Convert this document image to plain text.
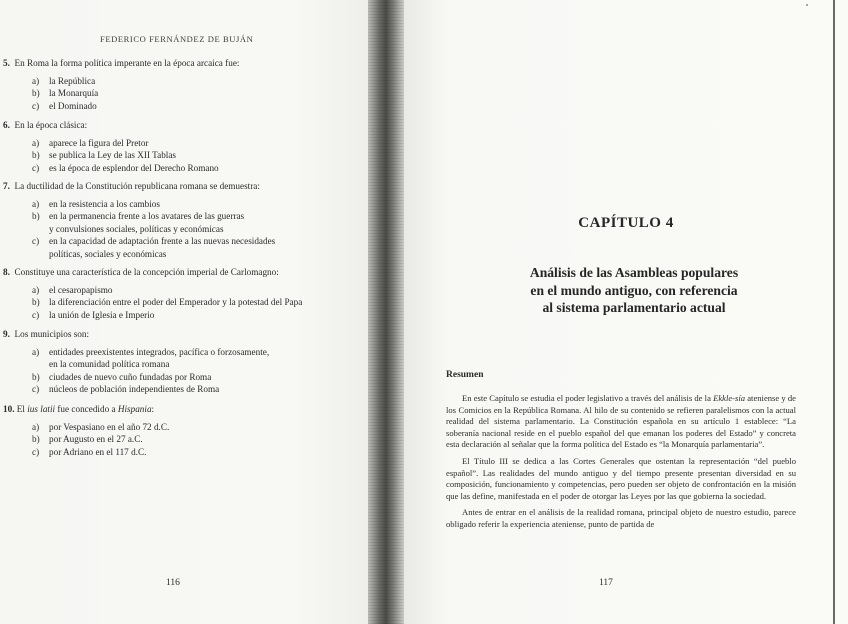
FEDERICO FERNÁNDEZ DE BUJÁN
5. En Roma la forma política imperante en la época arcaica fue:
a)	la República
b)	la Monarquía
c)	el Dominado
6. En la época clásica:
a)	aparece la figura del Pretor
b)	se publica la Ley de las XII Tablas
c)	es la época de esplendor del Derecho Romano
7. La ductilidad de la Constitución republicana romana se demuestra:
a)	en la resistencia a los cambios
b)	en la permanencia frente a los avatares de las guerras
y convulsiones sociales, políticas y económicas
c)	en la capacidad de adaptación frente a las nuevas necesidades
políticas, sociales y económicas
8. Constituye una característica de la concepción imperial de Carlomagno:
a)	el cesaropapismo
b)	la diferenciación entre el poder del Emperador y la potestad del Papa
c)	la unión de Iglesia e Imperio
9. Los municipios son:
a)	entidades preexistentes integrados, pacífica o forzosamente,
en la comunidad política romana
b)	ciudades de nuevo cuño fundadas por Roma
c)	núcleos de población independientes de Roma
10. El ius latii fue concedido a Hispania:
a)	por Vespasiano en el año 72 d.C.
b)	por Augusto en el 27 a.C.
c)	por Adriano en el 117 d.C.
116
CAPÍTULO 4
Análisis de las Asambleas populares
en el mundo antiguo, con referencia
al sistema parlamentario actual
Resumen

En este Capítulo se estudia el poder legislativo a través del análisis de la Ekkle-sía ateniense y de los Comicios en la República Romana. Al hilo de su contenido se refieren paralelismos con la actual realidad del sistema parlamentario. La Constitución española en su artículo 1 establece: “La soberanía nacional reside en el pueblo español del que emanan los poderes del Estado” y concreta esta declaración al señalar que la forma política del Estado es “la Monarquía parlamentaria”.

El Título III se dedica a las Cortes Generales que ostentan la representación “del pueblo español”. Las realidades del mundo antiguo y del tiempo presente presentan diversidad en su composición, funcionamiento y competencias, pero pueden ser objeto de confrontación en la misión que las define, manifestada en el poder de otorgar las Leyes por las que gobierna la sociedad.

Antes de entrar en el análisis de la realidad romana, principal objeto de nuestro estudio, parece obligado referir la experiencia ateniense, punto de partida de

117
